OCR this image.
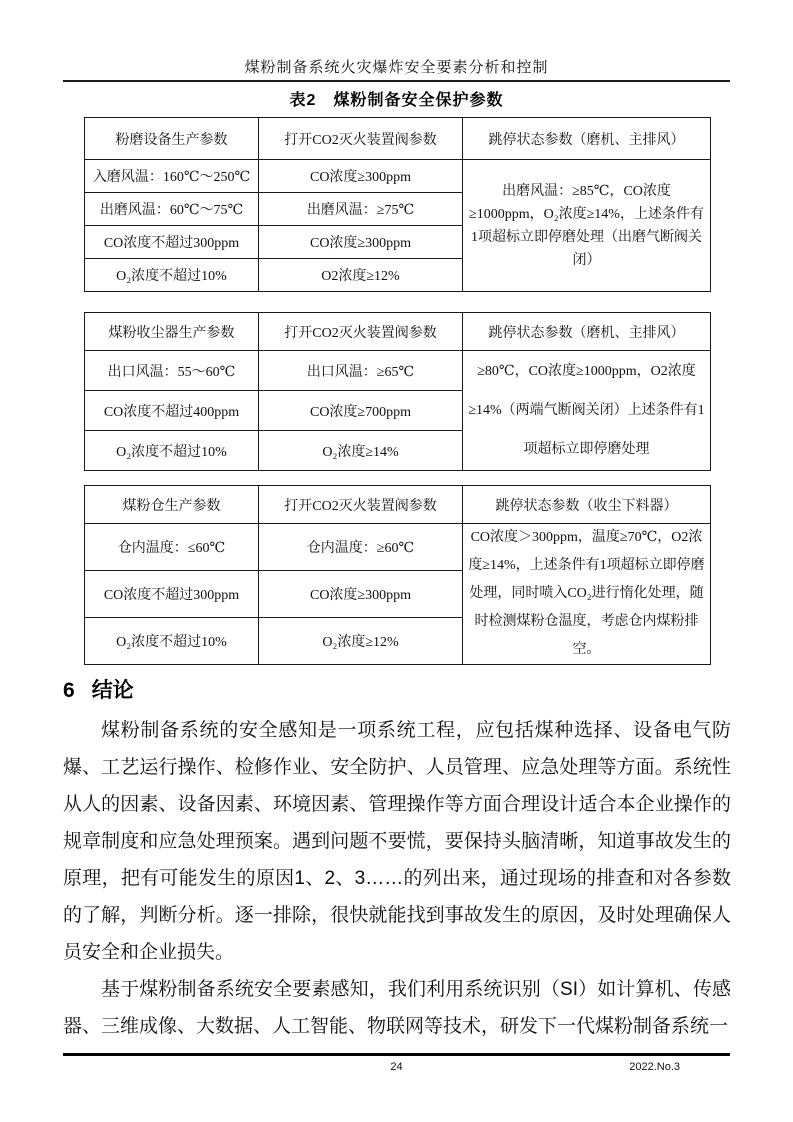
煤粉制备系统火灾爆炸安全要素分析和控制
表2　煤粉制备安全保护参数
粉磨设备生产参数	打开CO2灭火装置阀参数	跳停状态参数（磨机、主排风）
入磨风温：160℃～250℃	CO浓度≥300ppm	出磨风温：≥85℃，CO浓度≥1000ppm，O₂浓度≥14%，上述条件有1项超标立即停磨处理（出磨气断阀关闭）
出磨风温：60℃～75℃	出磨风温：≥75℃	
CO浓度不超过300ppm	CO浓度≥300ppm	
O₂浓度不超过10%	O2浓度≥12%	
煤粉收尘器生产参数	打开CO2灭火装置阀参数	跳停状态参数（磨机、主排风）
出口风温：55～60℃	出口风温：≥65℃	≥80℃，CO浓度≥1000ppm，O2浓度≥14%（两端气断阀关闭）上述条件有1项超标立即停磨处理
CO浓度不超过400ppm	CO浓度≥700ppm	
O₂浓度不超过10%	O₂浓度≥14%	
煤粉仓生产参数	打开CO2灭火装置阀参数	跳停状态参数（收尘下料器）
仓内温度：≤60℃	仓内温度：≥60℃	CO浓度＞300ppm，温度≥70℃，O2浓度≥14%，上述条件有1项超标立即停磨处理，同时喷入CO₂进行惰化处理，随时检测煤粉仓温度，考虑仓内煤粉排空。
CO浓度不超过300ppm	CO浓度≥300ppm	
O₂浓度不超过10%	O₂浓度≥12%	
6 结论

煤粉制备系统的安全感知是一项系统工程，应包括煤种选择、设备电气防爆、工艺运行操作、检修作业、安全防护、人员管理、应急处理等方面。系统性从人的因素、设备因素、环境因素、管理操作等方面合理设计适合本企业操作的规章制度和应急处理预案。遇到问题不要慌，要保持头脑清晰，知道事故发生的原理，把有可能发生的原因1、2、3……的列出来，通过现场的排查和对各参数的了解，判断分析。逐一排除，很快就能找到事故发生的原因，及时处理确保人员安全和企业损失。

基于煤粉制备系统安全要素感知，我们利用系统识别（SI）如计算机、传感器、三维成像、大数据、人工智能、物联网等技术，研发下一代煤粉制备系统一

24	2022.No.3
